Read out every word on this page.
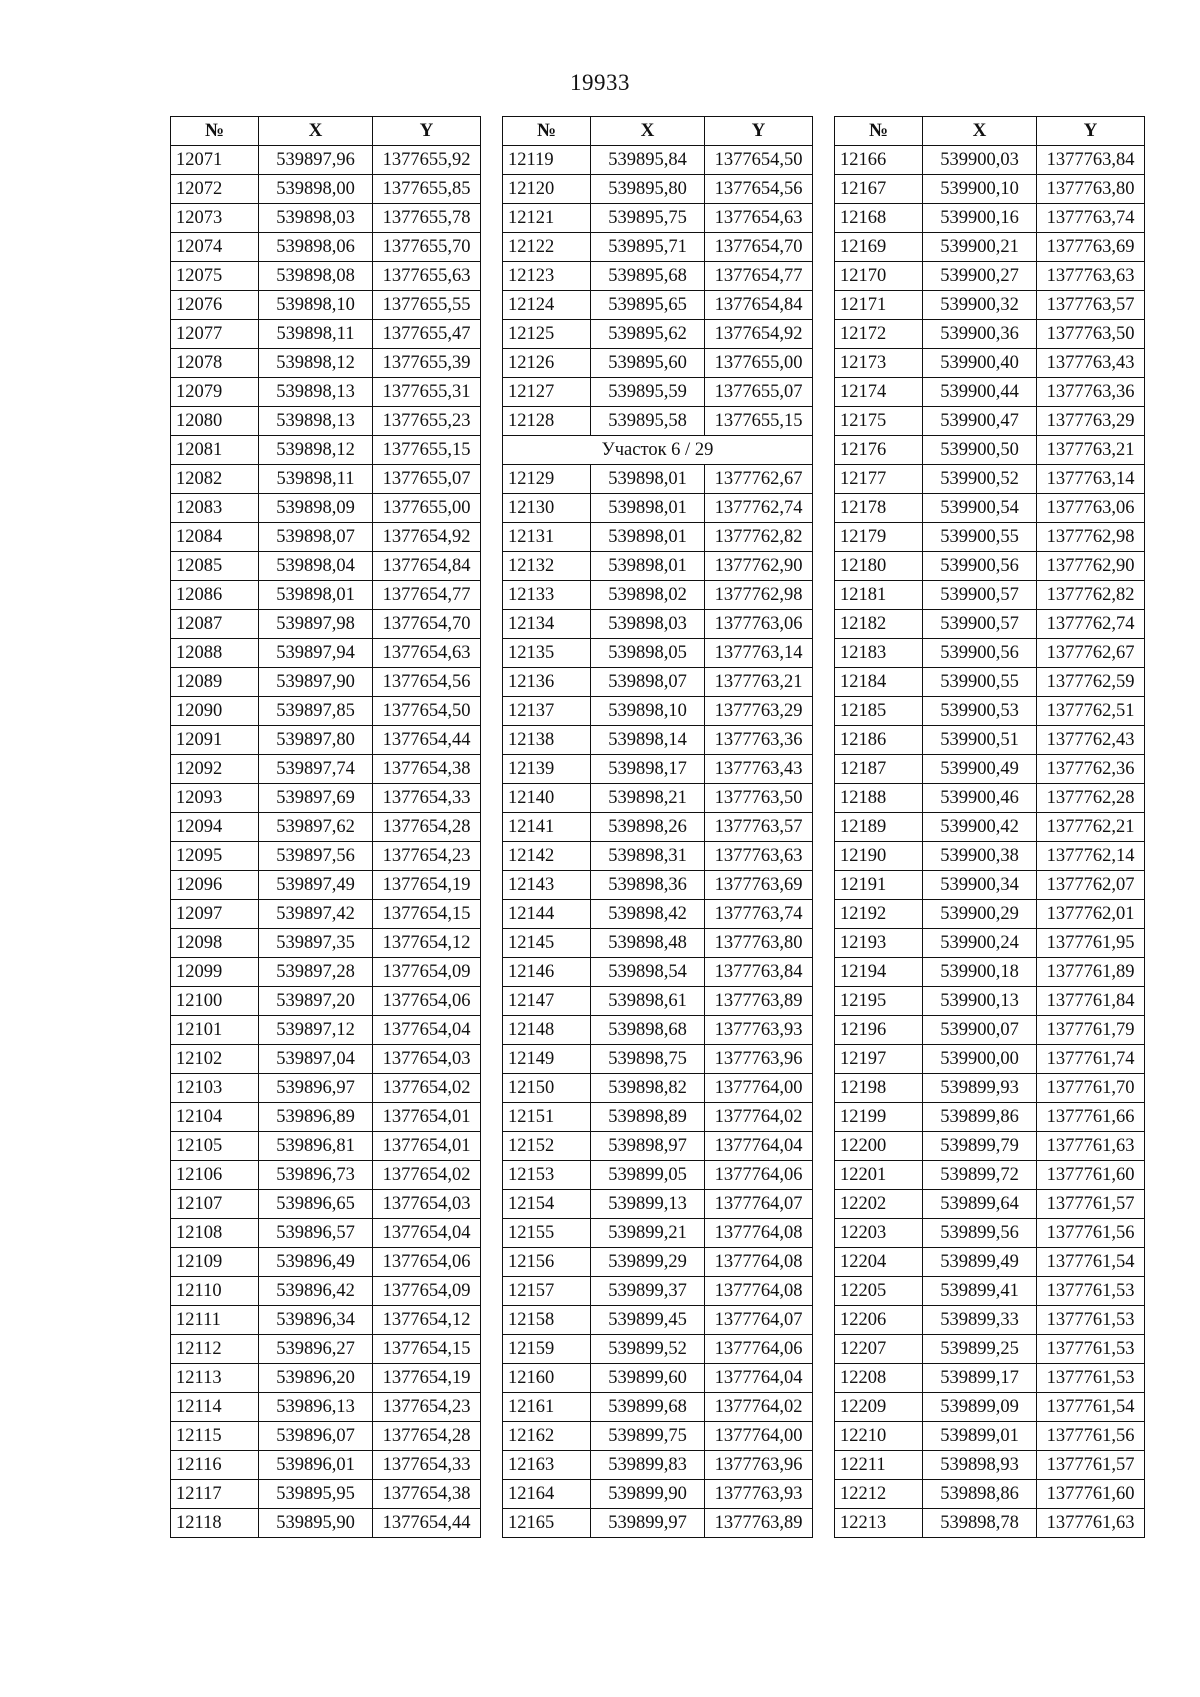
19933
№	X	Y
12071	539897,96	1377655,92
12072	539898,00	1377655,85
12073	539898,03	1377655,78
12074	539898,06	1377655,70
12075	539898,08	1377655,63
12076	539898,10	1377655,55
12077	539898,11	1377655,47
12078	539898,12	1377655,39
12079	539898,13	1377655,31
12080	539898,13	1377655,23
12081	539898,12	1377655,15
12082	539898,11	1377655,07
12083	539898,09	1377655,00
12084	539898,07	1377654,92
12085	539898,04	1377654,84
12086	539898,01	1377654,77
12087	539897,98	1377654,70
12088	539897,94	1377654,63
12089	539897,90	1377654,56
12090	539897,85	1377654,50
12091	539897,80	1377654,44
12092	539897,74	1377654,38
12093	539897,69	1377654,33
12094	539897,62	1377654,28
12095	539897,56	1377654,23
12096	539897,49	1377654,19
12097	539897,42	1377654,15
12098	539897,35	1377654,12
12099	539897,28	1377654,09
12100	539897,20	1377654,06
12101	539897,12	1377654,04
12102	539897,04	1377654,03
12103	539896,97	1377654,02
12104	539896,89	1377654,01
12105	539896,81	1377654,01
12106	539896,73	1377654,02
12107	539896,65	1377654,03
12108	539896,57	1377654,04
12109	539896,49	1377654,06
12110	539896,42	1377654,09
12111	539896,34	1377654,12
12112	539896,27	1377654,15
12113	539896,20	1377654,19
12114	539896,13	1377654,23
12115	539896,07	1377654,28
12116	539896,01	1377654,33
12117	539895,95	1377654,38
12118	539895,90	1377654,44
№	X	Y
12119	539895,84	1377654,50
12120	539895,80	1377654,56
12121	539895,75	1377654,63
12122	539895,71	1377654,70
12123	539895,68	1377654,77
12124	539895,65	1377654,84
12125	539895,62	1377654,92
12126	539895,60	1377655,00
12127	539895,59	1377655,07
12128	539895,58	1377655,15
Участок 6 / 29		
12129	539898,01	1377762,67
12130	539898,01	1377762,74
12131	539898,01	1377762,82
12132	539898,01	1377762,90
12133	539898,02	1377762,98
12134	539898,03	1377763,06
12135	539898,05	1377763,14
12136	539898,07	1377763,21
12137	539898,10	1377763,29
12138	539898,14	1377763,36
12139	539898,17	1377763,43
12140	539898,21	1377763,50
12141	539898,26	1377763,57
12142	539898,31	1377763,63
12143	539898,36	1377763,69
12144	539898,42	1377763,74
12145	539898,48	1377763,80
12146	539898,54	1377763,84
12147	539898,61	1377763,89
12148	539898,68	1377763,93
12149	539898,75	1377763,96
12150	539898,82	1377764,00
12151	539898,89	1377764,02
12152	539898,97	1377764,04
12153	539899,05	1377764,06
12154	539899,13	1377764,07
12155	539899,21	1377764,08
12156	539899,29	1377764,08
12157	539899,37	1377764,08
12158	539899,45	1377764,07
12159	539899,52	1377764,06
12160	539899,60	1377764,04
12161	539899,68	1377764,02
12162	539899,75	1377764,00
12163	539899,83	1377763,96
12164	539899,90	1377763,93
12165	539899,97	1377763,89
№	X	Y
12166	539900,03	1377763,84
12167	539900,10	1377763,80
12168	539900,16	1377763,74
12169	539900,21	1377763,69
12170	539900,27	1377763,63
12171	539900,32	1377763,57
12172	539900,36	1377763,50
12173	539900,40	1377763,43
12174	539900,44	1377763,36
12175	539900,47	1377763,29
12176	539900,50	1377763,21
12177	539900,52	1377763,14
12178	539900,54	1377763,06
12179	539900,55	1377762,98
12180	539900,56	1377762,90
12181	539900,57	1377762,82
12182	539900,57	1377762,74
12183	539900,56	1377762,67
12184	539900,55	1377762,59
12185	539900,53	1377762,51
12186	539900,51	1377762,43
12187	539900,49	1377762,36
12188	539900,46	1377762,28
12189	539900,42	1377762,21
12190	539900,38	1377762,14
12191	539900,34	1377762,07
12192	539900,29	1377762,01
12193	539900,24	1377761,95
12194	539900,18	1377761,89
12195	539900,13	1377761,84
12196	539900,07	1377761,79
12197	539900,00	1377761,74
12198	539899,93	1377761,70
12199	539899,86	1377761,66
12200	539899,79	1377761,63
12201	539899,72	1377761,60
12202	539899,64	1377761,57
12203	539899,56	1377761,56
12204	539899,49	1377761,54
12205	539899,41	1377761,53
12206	539899,33	1377761,53
12207	539899,25	1377761,53
12208	539899,17	1377761,53
12209	539899,09	1377761,54
12210	539899,01	1377761,56
12211	539898,93	1377761,57
12212	539898,86	1377761,60
12213	539898,78	1377761,63
